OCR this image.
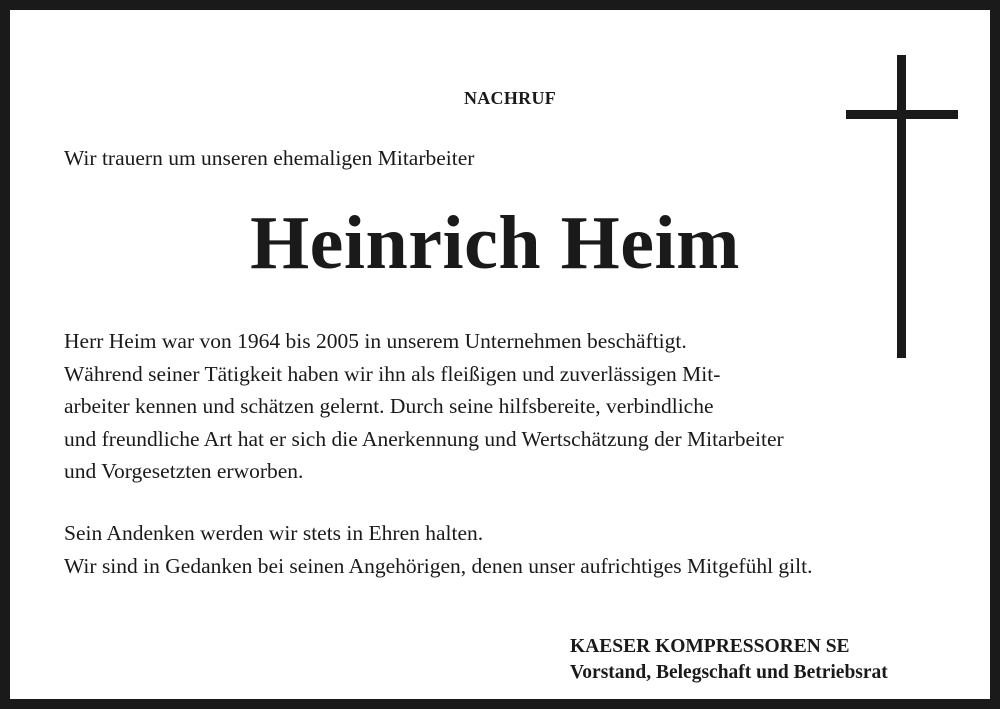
NACHRUF
Wir trauern um unseren ehemaligen Mitarbeiter
Heinrich Heim
Herr Heim war von 1964 bis 2005 in unserem Unternehmen beschäftigt.
Während seiner Tätigkeit haben wir ihn als fleißigen und zuverlässigen Mit-
arbeiter kennen und schätzen gelernt. Durch seine hilfsbereite, verbindliche
und freundliche Art hat er sich die Anerkennung und Wertschätzung der Mitarbeiter
und Vorgesetzten erworben.
Sein Andenken werden wir stets in Ehren halten.
Wir sind in Gedanken bei seinen Angehörigen, denen unser aufrichtiges Mitgefühl gilt.
KAESER KOMPRESSOREN SE
Vorstand, Belegschaft und Betriebsrat
